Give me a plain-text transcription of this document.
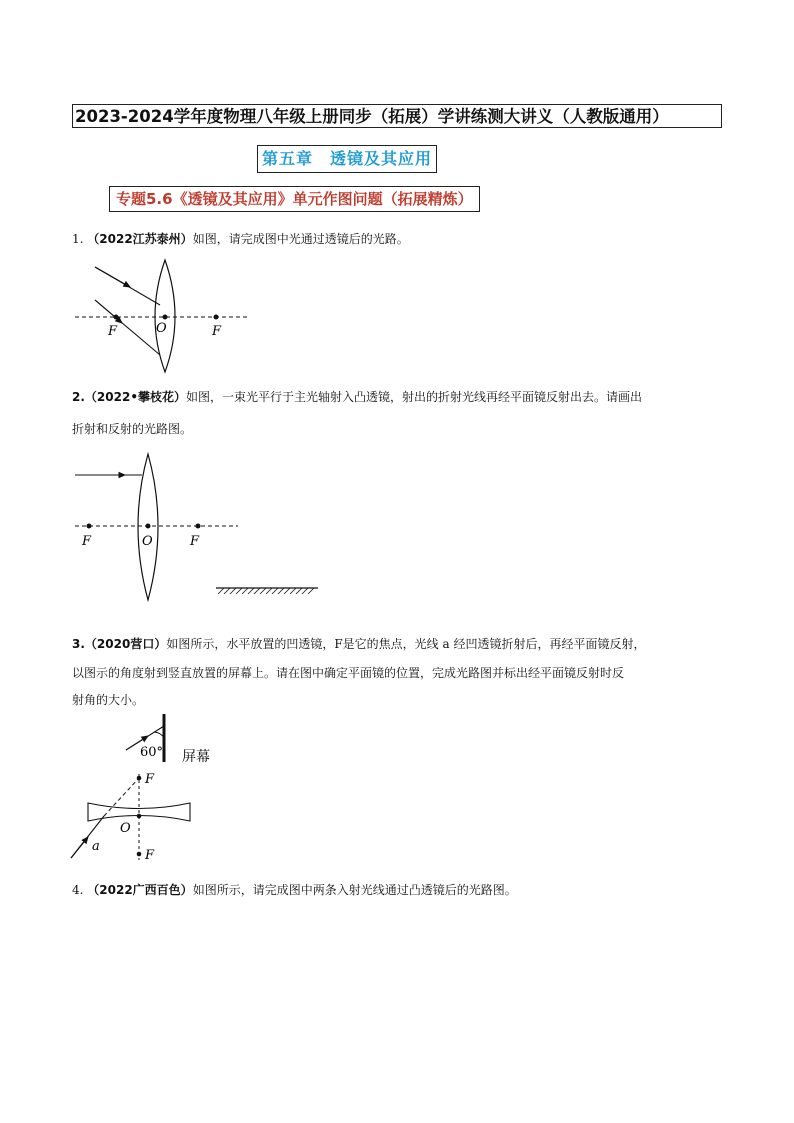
2023-2024学年度物理八年级上册同步（拓展）学讲练测大讲义（人教版通用）
第五章　透镜及其应用
专题5.6《透镜及其应用》单元作图问题（拓展精炼）
1. （2022江苏泰州）如图，请完成图中光通过透镜后的光路。
F	O	F
2.（2022•攀枝花）如图，一束光平行于主光轴射入凸透镜，射出的折射光线再经平面镜反射出去。请画出
折射和反射的光路图。
F	O	F
3.（2020营口）如图所示，水平放置的凹透镜，F是它的焦点，光线 a 经凹透镜折射后，再经平面镜反射，
以图示的角度射到竖直放置的屏幕上。请在图中确定平面镜的位置，完成光路图并标出经平面镜反射时反
射角的大小。
60° 屏幕
F
O
F
a
4. （2022广西百色）如图所示，请完成图中两条入射光线通过凸透镜后的光路图。
